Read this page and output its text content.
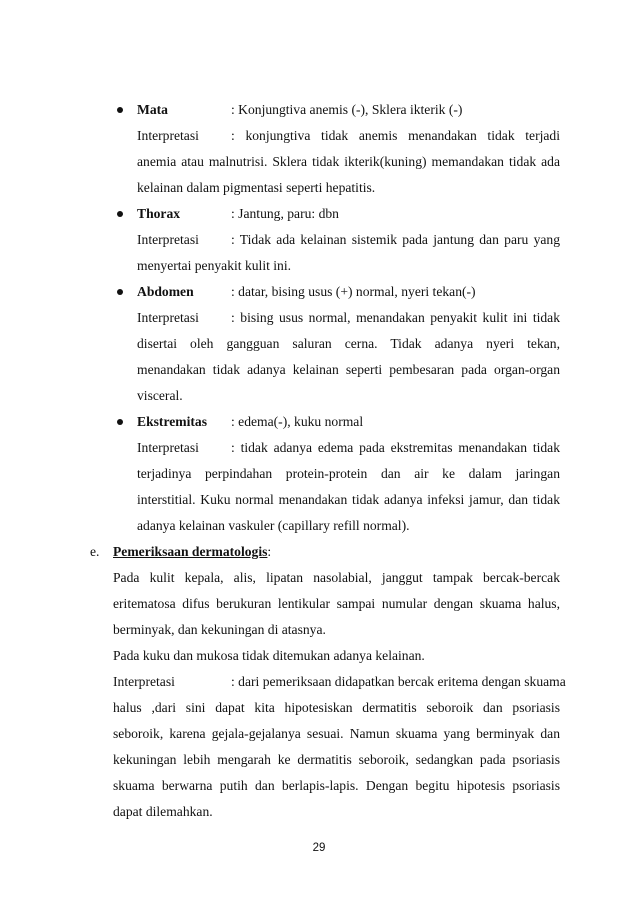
Mata	: Konjungtiva anemis (-), Sklera ikterik (-)
Interpretasi : konjungtiva tidak anemis menandakan tidak terjadi
anemia atau malnutrisi. Sklera tidak ikterik(kuning) memandakan tidak ada
kelainan dalam pigmentasi seperti hepatitis.
Thorax	: Jantung, paru: dbn
Interpretasi : Tidak ada kelainan sistemik pada jantung dan paru yang
menyertai penyakit kulit ini.
Abdomen	: datar, bising usus (+) normal, nyeri tekan(-)
Interpretasi : bising usus normal, menandakan penyakit kulit ini tidak
disertai oleh gangguan saluran cerna. Tidak adanya nyeri tekan,
menandakan tidak adanya kelainan seperti pembesaran pada organ-organ
visceral.
Ekstremitas : edema(-), kuku normal
Interpretasi : tidak adanya edema pada ekstremitas menandakan tidak
terjadinya perpindahan protein-protein dan air ke dalam jaringan
interstitial. Kuku normal menandakan tidak adanya infeksi jamur, dan tidak
adanya kelainan vaskuler (capillary refill normal).
e. Pemeriksaan dermatologis:
Pada kulit kepala, alis, lipatan nasolabial, janggut tampak bercak-bercak
eritematosa difus berukuran lentikular sampai numular dengan skuama halus,
berminyak, dan kekuningan di atasnya.
Pada kuku dan mukosa tidak ditemukan adanya kelainan.
Interpretasi	: dari pemeriksaan didapatkan bercak eritema dengan skuama
halus ,dari sini dapat kita hipotesiskan dermatitis seboroik dan psoriasis
seboroik, karena gejala-gejalanya sesuai. Namun skuama yang berminyak dan
kekuningan lebih mengarah ke dermatitis seboroik, sedangkan pada psoriasis
skuama berwarna putih dan berlapis-lapis. Dengan begitu hipotesis psoriasis
dapat dilemahkan.
29
